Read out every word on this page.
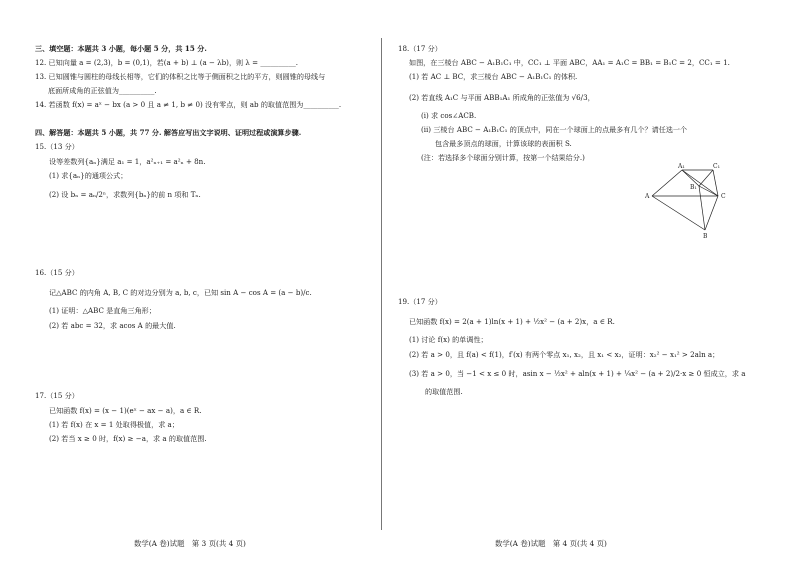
三、填空题：本题共 3 小题，每小题 5 分，共 15 分.
12. 已知向量 a = (2,3)，b = (0,1)，若(a + b) ⊥ (a − λb)，则 λ = __________.
13. 已知圆锥与圆柱的母线长相等，它们的体积之比等于侧面积之比的平方，则圆锥的母线与
底面所成角的正弦值为__________.
14. 若函数 f(x) = aˣ − bx (a > 0 且 a ≠ 1, b ≠ 0) 没有零点，则 ab 的取值范围为__________.
四、解答题：本题共 5 小题，共 77 分. 解答应写出文字说明、证明过程或演算步骤.
15.（13 分）
设等差数列{aₙ}满足 a₁ = 1，a²ₙ₊₁ = a²ₙ + 8n.
(1) 求{aₙ}的通项公式；
(2) 设 bₙ = aₙ/2ⁿ，求数列{bₙ}的前 n 项和 Tₙ.
16.（15 分）
记△ABC 的内角 A, B, C 的对边分别为 a, b, c，已知 sin A − cos A = (a − b)/c.
(1) 证明：△ABC 是直角三角形；
(2) 若 abc = 32，求 acos A 的最大值.
17.（15 分）
已知函数 f(x) = (x − 1)(eˣ − ax − a)，a ∈ R.
(1) 若 f(x) 在 x = 1 处取得极值，求 a；
(2) 若当 x ≥ 0 时，f(x) ≥ −a，求 a 的取值范围.
数学(A 卷)试题　第 3 页(共 4 页)
18.（17 分）
如图，在三棱台 ABC − A₁B₁C₁ 中，CC₁ ⊥ 平面 ABC，AA₁ = A₁C = BB₁ = B₁C = 2，CC₁ = 1.
(1) 若 AC ⊥ BC，求三棱台 ABC − A₁B₁C₁ 的体积.
(2) 若直线 A₁C 与平面 ABB₁A₁ 所成角的正弦值为 √6/3，
(i) 求 cos∠ACB.
(ii) 三棱台 ABC − A₁B₁C₁ 的顶点中，同在一个球面上的点最多有几个？请任选一个
包含最多顶点的球面，计算该球的表面积 S.
(注：若选择多个球面分别计算，按第一个结果给分.)
A₁	C₁
B₁
A	C
B
19.（17 分）
已知函数 f(x) = 2(a + 1)ln(x + 1) + ½x² − (a + 2)x，a ∈ R.
(1) 讨论 f(x) 的单调性；
(2) 若 a > 0，且 f(a) < f(1)，f′(x) 有两个零点 x₁, x₂，且 x₁ < x₂，证明：x₂² − x₁² > 2aln a；
(3) 若 a > 0，当 −1 < x ≤ 0 时，asin x − ½x² + aln(x + 1) + ¼x² − (a + 2)/2·x ≥ 0 恒成立，求 a
的取值范围.
数学(A 卷)试题　第 4 页(共 4 页)
